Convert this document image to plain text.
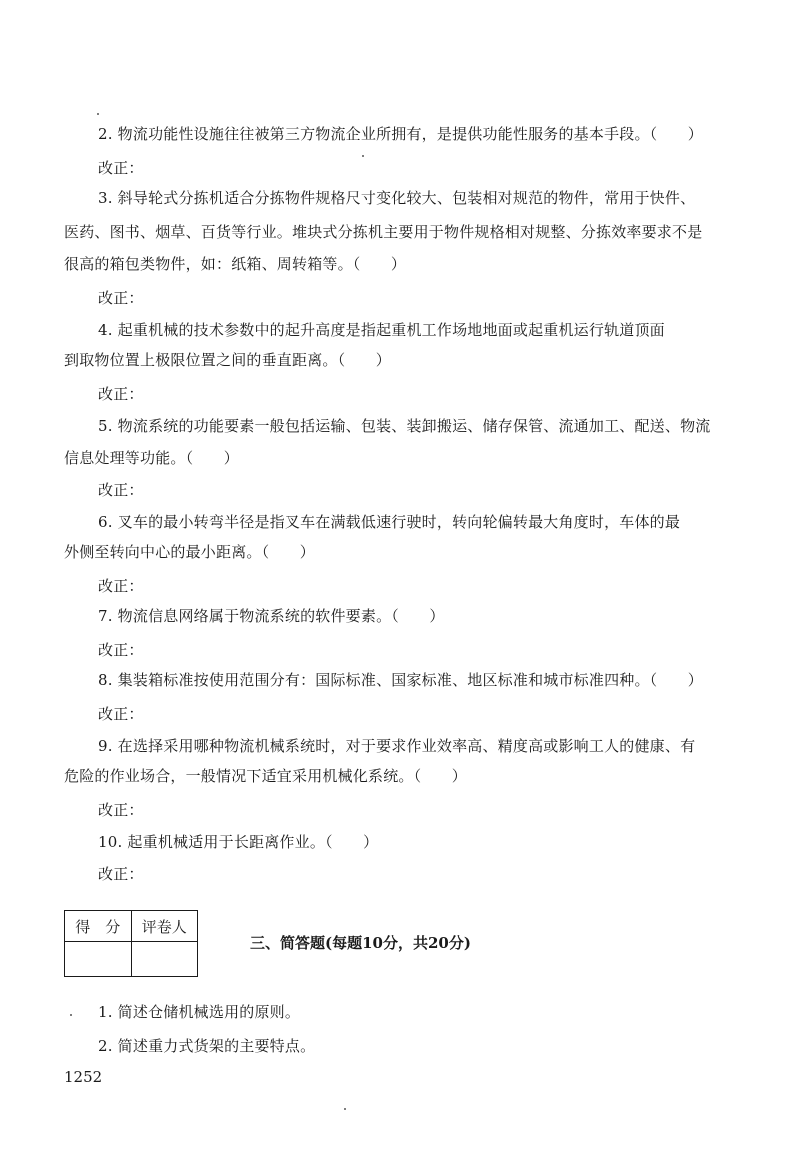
2. 物流功能性设施往往被第三方物流企业所拥有，是提供功能性服务的基本手段。（　　）
改正：
3. 斜导轮式分拣机适合分拣物件规格尺寸变化较大、包装相对规范的物件，常用于快件、
医药、图书、烟草、百货等行业。堆块式分拣机主要用于物件规格相对规整、分拣效率要求不是
很高的箱包类物件，如：纸箱、周转箱等。（　　）
改正：
4. 起重机械的技术参数中的起升高度是指起重机工作场地地面或起重机运行轨道顶面
到取物位置上极限位置之间的垂直距离。（　　）
改正：
5. 物流系统的功能要素一般包括运输、包装、装卸搬运、储存保管、流通加工、配送、物流
信息处理等功能。（　　）
改正：
6. 叉车的最小转弯半径是指叉车在满载低速行驶时，转向轮偏转最大角度时，车体的最
外侧至转向中心的最小距离。（　　）
改正：
7. 物流信息网络属于物流系统的软件要素。（　　）
改正：
8. 集装箱标准按使用范围分有：国际标准、国家标准、地区标准和城市标准四种。（　　）
改正：
9. 在选择采用哪种物流机械系统时，对于要求作业效率高、精度高或影响工人的健康、有
危险的作业场合，一般情况下适宜采用机械化系统。（　　）
改正：
10. 起重机械适用于长距离作业。（　　）
改正：
得　分	评卷人

三、简答题(每题10分，共20分)
1. 简述仓储机械选用的原则。
2. 简述重力式货架的主要特点。
1252
